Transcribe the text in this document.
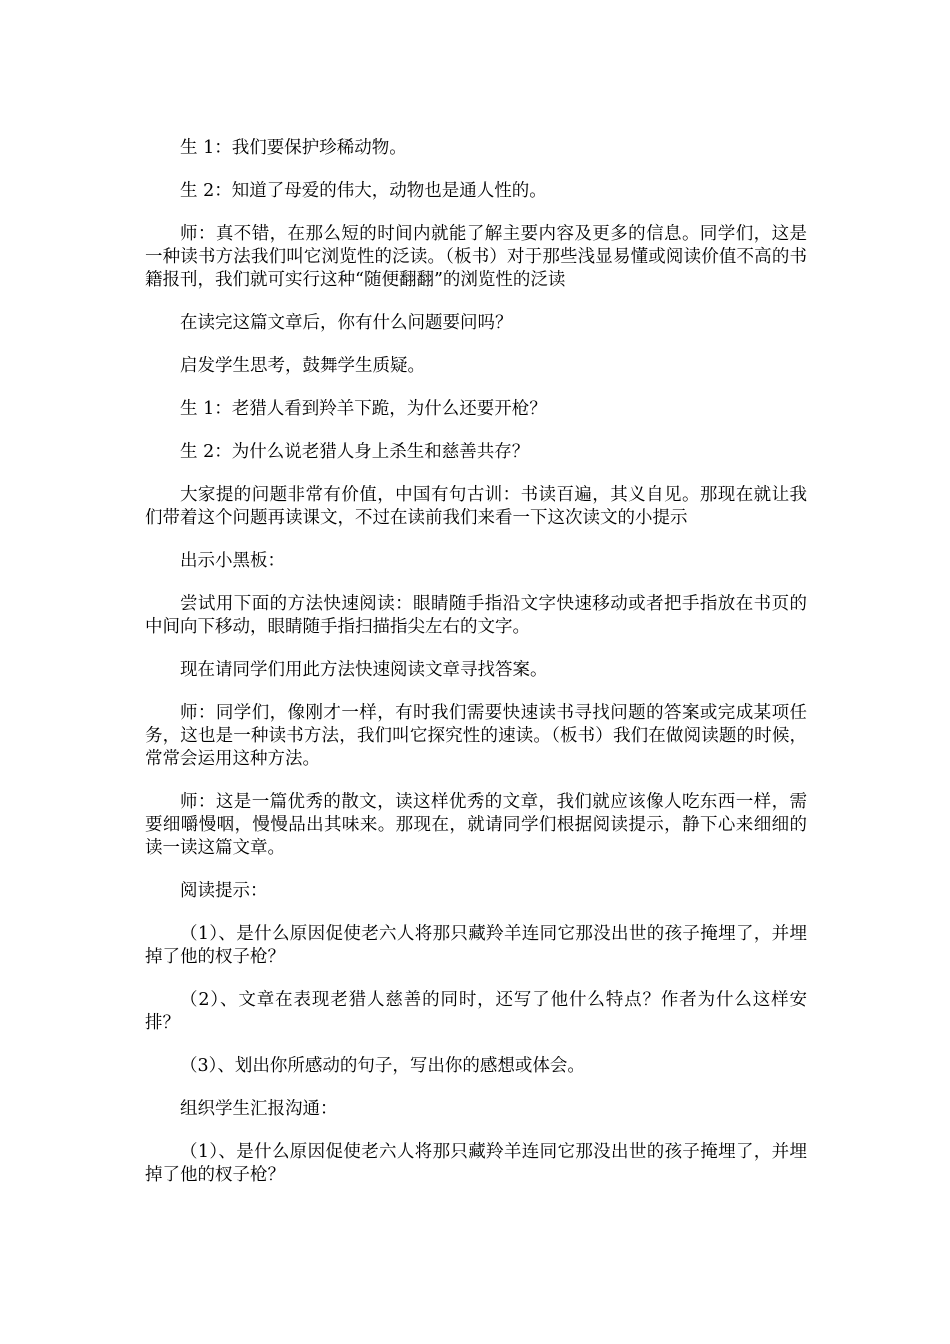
生 1：我们要保护珍稀动物。

生 2：知道了母爱的伟大，动物也是通人性的。

师：真不错，在那么短的时间内就能了解主要内容及更多的信息。同学们，这是一种读书方法我们叫它浏览性的泛读。（板书）对于那些浅显易懂或阅读价值不高的书籍报刊，我们就可实行这种“随便翻翻”的浏览性的泛读

在读完这篇文章后，你有什么问题要问吗？

启发学生思考，鼓舞学生质疑。

生 1：老猎人看到羚羊下跪，为什么还要开枪？

生 2：为什么说老猎人身上杀生和慈善共存？

大家提的问题非常有价值，中国有句古训：书读百遍，其义自见。那现在就让我们带着这个问题再读课文，不过在读前我们来看一下这次读文的小提示

出示小黑板：

尝试用下面的方法快速阅读：眼睛随手指沿文字快速移动或者把手指放在书页的中间向下移动，眼睛随手指扫描指尖左右的文字。

现在请同学们用此方法快速阅读文章寻找答案。

师：同学们，像刚才一样，有时我们需要快速读书寻找问题的答案或完成某项任务，这也是一种读书方法，我们叫它探究性的速读。（板书）我们在做阅读题的时候，常常会运用这种方法。

师：这是一篇优秀的散文，读这样优秀的文章，我们就应该像人吃东西一样，需要细嚼慢咽，慢慢品出其味来。那现在，就请同学们根据阅读提示，静下心来细细的读一读这篇文章。

阅读提示：

（1）、是什么原因促使老六人将那只藏羚羊连同它那没出世的孩子掩埋了，并埋掉了他的杈子枪？

（2）、文章在表现老猎人慈善的同时，还写了他什么特点？作者为什么这样安排？

（3）、划出你所感动的句子，写出你的感想或体会。

组织学生汇报沟通：

（1）、是什么原因促使老六人将那只藏羚羊连同它那没出世的孩子掩埋了，并埋掉了他的杈子枪？
